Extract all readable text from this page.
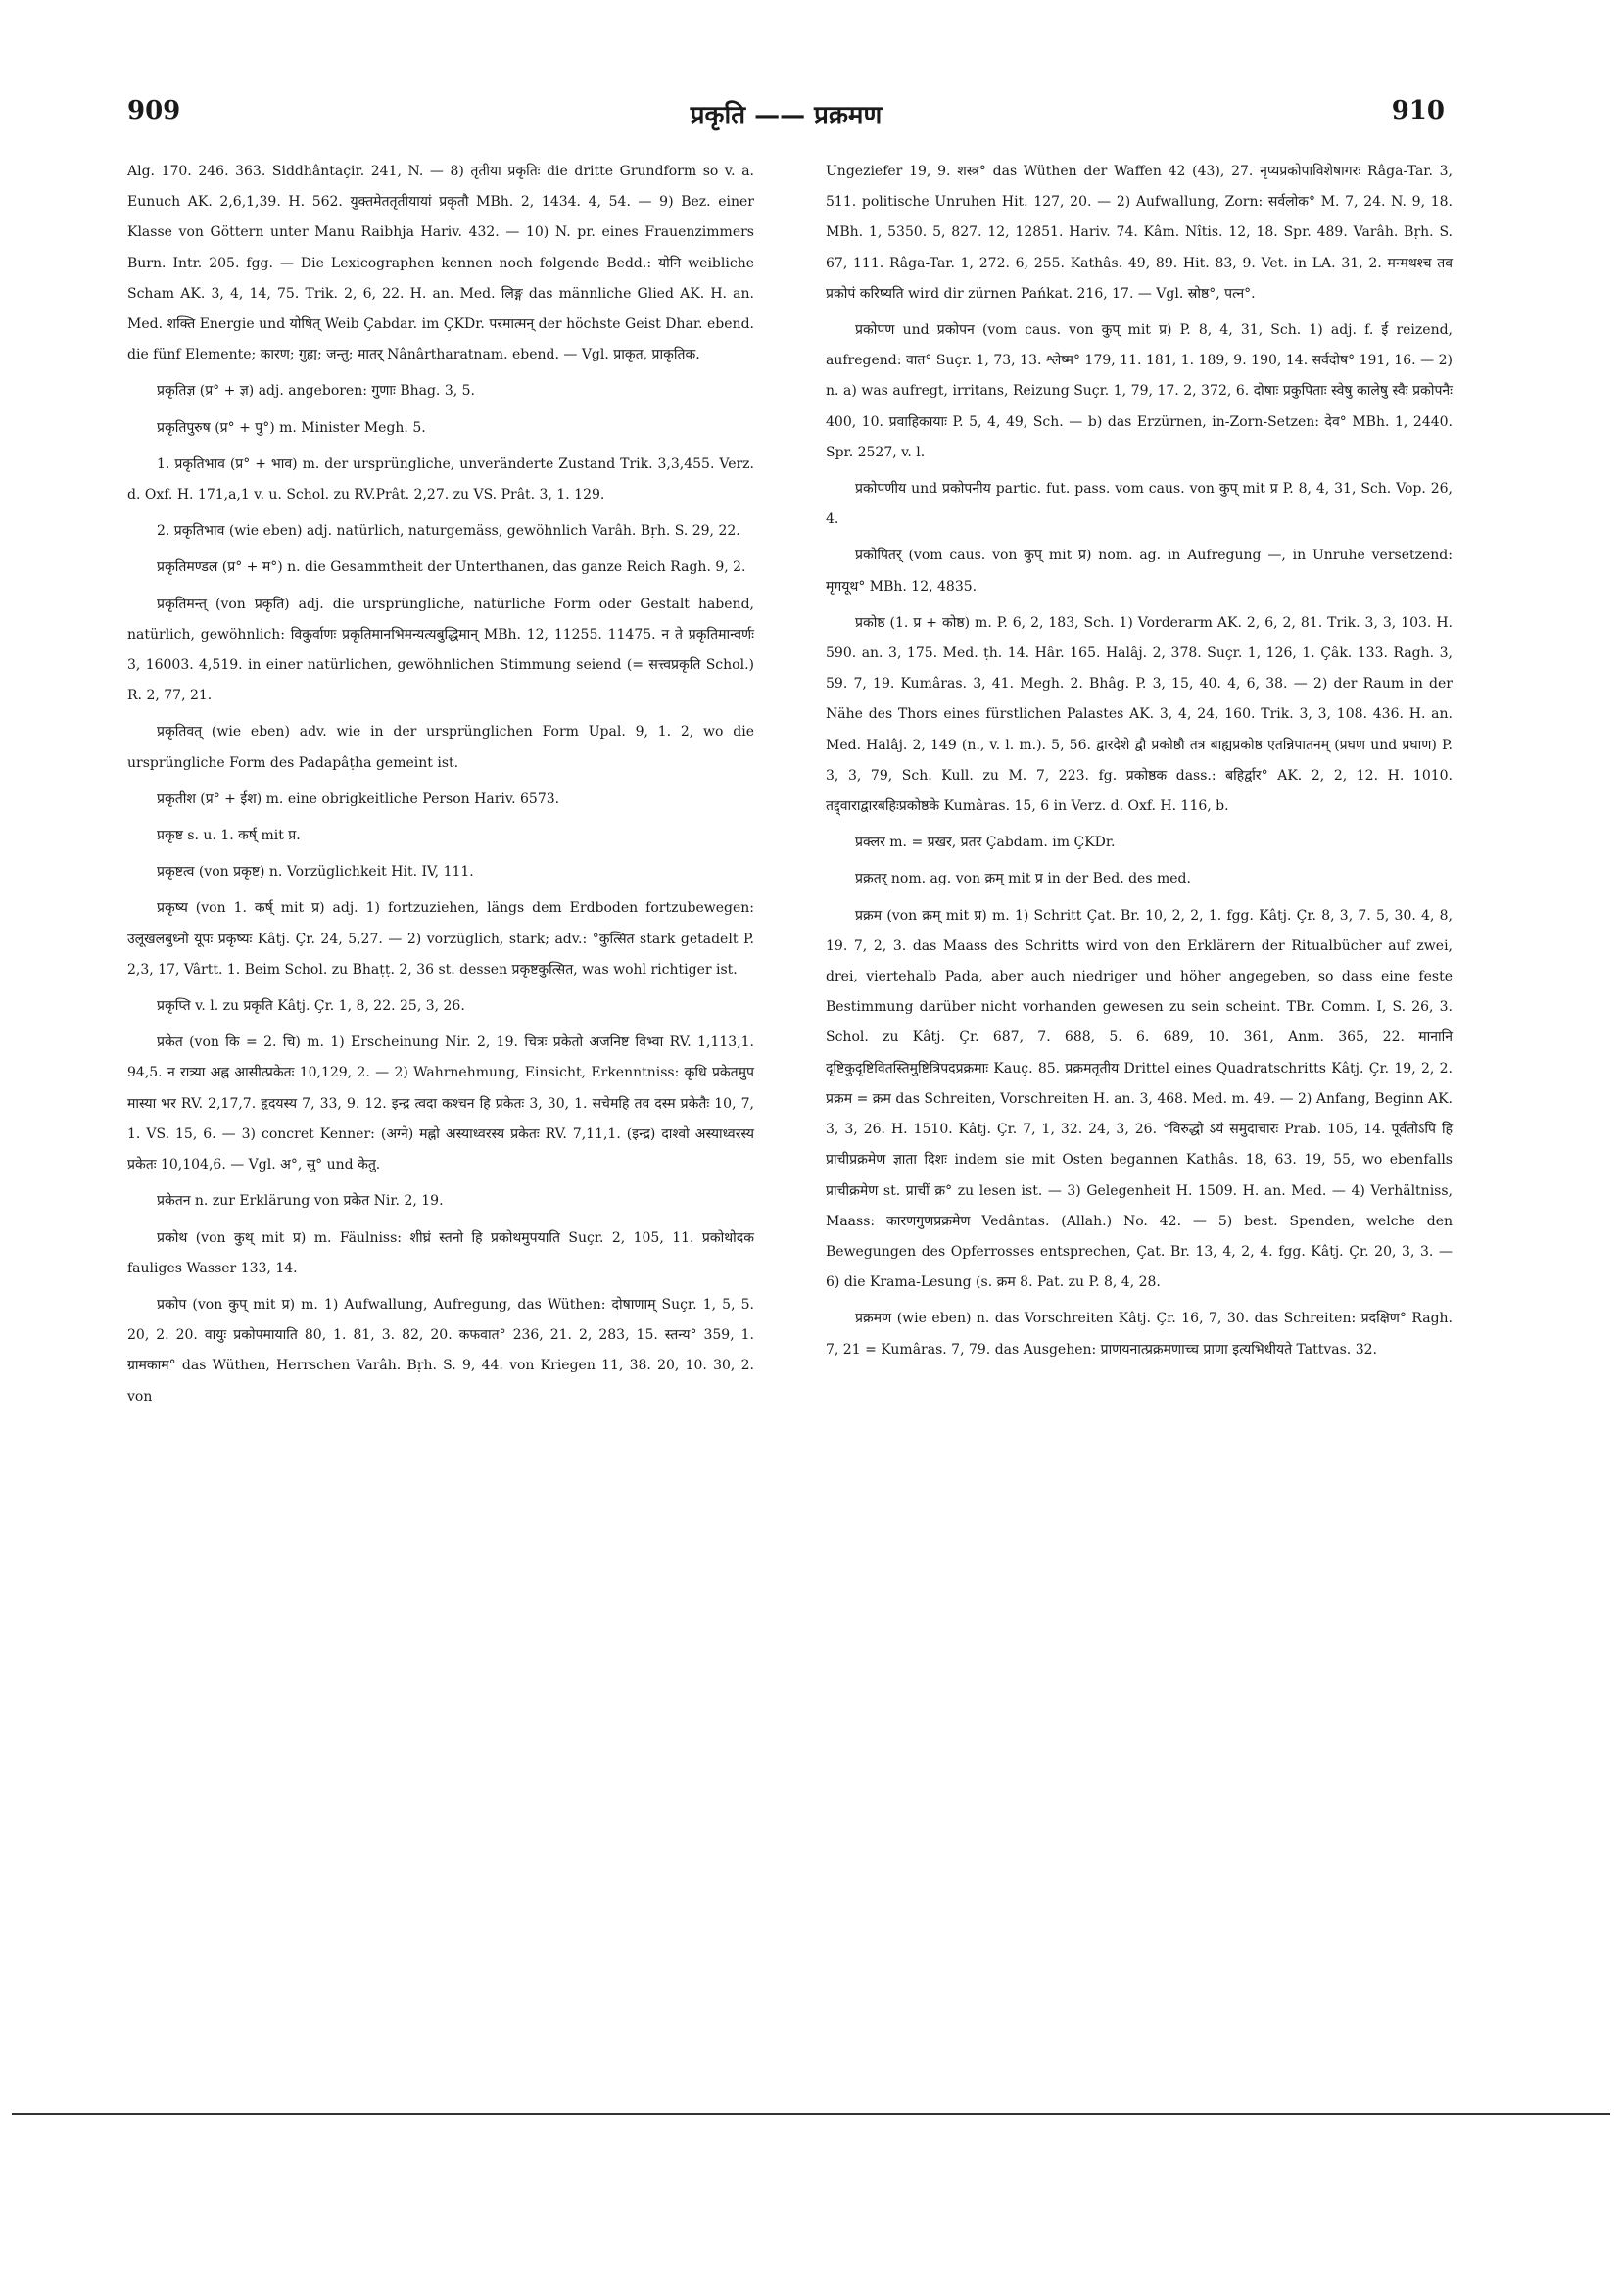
909	प्रकृति —— प्रक्रमण	910

Alg. 170. 246. 363. Siddhântaçir. 241, N. — 8) तृतीया प्रकृतिः die dritte Grundform so v. a. Eunuch AK. 2,6,1,39. H. 562. युक्तमेततृतीयायां प्रकृतौ MBh. 2, 1434. 4, 54. — 9) Bez. einer Klasse von Göttern unter Manu Raibhja Hariv. 432. — 10) N. pr. eines Frauenzimmers Burn. Intr. 205. fgg. — Die Lexicographen kennen noch folgende Bedd.: योनि weibliche Scham AK. 3, 4, 14, 75. Trik. 2, 6, 22. H. an. Med. लिङ्ग das männliche Glied AK. H. an. Med. शक्ति Energie und योषित् Weib Çabdar. im ÇKDr. परमात्मन् der höchste Geist Dhar. ebend. die fünf Elemente; कारण; गुह्य; जन्तु; मातर् Nânârtharatnam. ebend. — Vgl. प्राकृत, प्राकृतिक.

प्रकृतिज्ञ (प्र° + ज्ञ) adj. angeboren: गुणाः Bhag. 3, 5.

प्रकृतिपुरुष (प्र° + पु°) m. Minister Megh. 5.

1. प्रकृतिभाव (प्र° + भाव) m. der ursprüngliche, unveränderte Zustand Trik. 3,3,455. Verz. d. Oxf. H. 171,a,1 v. u. Schol. zu RV.Prât. 2,27. zu VS. Prât. 3, 1. 129.

2. प्रकृतिभाव (wie eben) adj. natürlich, naturgemäss, gewöhnlich Varâh. Bṛh. S. 29, 22.

प्रकृतिमण्डल (प्र° + म°) n. die Gesammtheit der Unterthanen, das ganze Reich Ragh. 9, 2.

प्रकृतिमन्त् (von प्रकृति) adj. die ursprüngliche, natürliche Form oder Gestalt habend, natürlich, gewöhnlich: विकुर्वाणः प्रकृतिमानभिमन्यत्यबुद्धिमान् MBh. 12, 11255. 11475. न ते प्रकृतिमान्वर्णः 3, 16003. 4,519. in einer natürlichen, gewöhnlichen Stimmung seiend (= सत्त्वप्रकृति Schol.) R. 2, 77, 21.

प्रकृतिवत् (wie eben) adv. wie in der ursprünglichen Form Upal. 9, 1. 2, wo die ursprüngliche Form des Padapâṭha gemeint ist.

प्रकृतीश (प्र° + ईश) m. eine obrigkeitliche Person Hariv. 6573.

प्रकृष्ट s. u. 1. कर्ष् mit प्र.

प्रकृष्टत्व (von प्रकृष्ट) n. Vorzüglichkeit Hit. IV, 111.

प्रकृष्य (von 1. कर्ष् mit प्र) adj. 1) fortzuziehen, längs dem Erdboden fortzubewegen: उलूखलबुध्नो यूपः प्रकृष्यः Kâtj. Çr. 24, 5,27. — 2) vorzüglich, stark; adv.: °कुत्सित stark getadelt P. 2,3, 17, Vârtt. 1. Beim Schol. zu Bhaṭṭ. 2, 36 st. dessen प्रकृष्टकुत्सित, was wohl richtiger ist.

प्रकृप्ति v. l. zu प्रकृति Kâtj. Çr. 1, 8, 22. 25, 3, 26.

प्रकेत (von कि = 2. चि) m. 1) Erscheinung Nir. 2, 19. चित्रः प्रकेतो अजनिष्ट विभ्वा RV. 1,113,1. 94,5. न रात्र्या अह्न आसीत्प्रकेतः 10,129, 2. — 2) Wahrnehmung, Einsicht, Erkenntniss: कृधि प्रकेतमुप मास्या भर RV. 2,17,7. हृदयस्य 7, 33, 9. 12. इन्द्र त्वदा कश्चन हि प्रकेतः 3, 30, 1. सचेमहि तव दस्म प्रकेतैः 10, 7, 1. VS. 15, 6. — 3) concret Kenner: (अग्ने) मह्नो अस्याध्वरस्य प्रकेतः RV. 7,11,1. (इन्द्र) दाश्वो अस्याध्वरस्य प्रकेतः 10,104,6. — Vgl. अ°, सु° und केतु.

प्रकेतन n. zur Erklärung von प्रकेत Nir. 2, 19.

प्रकोथ (von कुथ् mit प्र) m. Fäulniss: शीघ्रं स्तनो हि प्रकोथमुपयाति Suçr. 2, 105, 11. प्रकोथोदक fauliges Wasser 133, 14.

प्रकोप (von कुप् mit प्र) m. 1) Aufwallung, Aufregung, das Wüthen: दोषाणाम् Suçr. 1, 5, 5. 20, 2. 20. वायुः प्रकोपमायाति 80, 1. 81, 3. 82, 20. कफवात° 236, 21. 2, 283, 15. स्तन्य° 359, 1. ग्रामकाम° das Wüthen, Herrschen Varâh. Bṛh. S. 9, 44. von Kriegen 11, 38. 20, 10. 30, 2. von

Ungeziefer 19, 9. शस्त्र° das Wüthen der Waffen 42 (43), 27. नृप्यप्रकोपाविशेषागरः Râga-Tar. 3, 511. politische Unruhen Hit. 127, 20. — 2) Aufwallung, Zorn: सर्वलोक° M. 7, 24. N. 9, 18. MBh. 1, 5350. 5, 827. 12, 12851. Hariv. 74. Kâm. Nîtis. 12, 18. Spr. 489. Varâh. Bṛh. S. 67, 111. Râga-Tar. 1, 272. 6, 255. Kathâs. 49, 89. Hit. 83, 9. Vet. in LA. 31, 2. मन्मथश्च तव प्रकोपं करिष्यति wird dir zürnen Pańkat. 216, 17. — Vgl. स्रोष्ठ°, पत्न°.

प्रकोपण und प्रकोपन (vom caus. von कुप् mit प्र) P. 8, 4, 31, Sch. 1) adj. f. ई reizend, aufregend: वात° Suçr. 1, 73, 13. श्लेष्म° 179, 11. 181, 1. 189, 9. 190, 14. सर्वदोष° 191, 16. — 2) n. a) was aufregt, irritans, Reizung Suçr. 1, 79, 17. 2, 372, 6. दोषाः प्रकुपिताः स्वेषु कालेषु स्वैः प्रकोपनैः 400, 10. प्रवाहिकायाः P. 5, 4, 49, Sch. — b) das Erzürnen, in-Zorn-Setzen: देव° MBh. 1, 2440. Spr. 2527, v. l.

प्रकोपणीय und प्रकोपनीय partic. fut. pass. vom caus. von कुप् mit प्र P. 8, 4, 31, Sch. Vop. 26, 4.

प्रकोपितर् (vom caus. von कुप् mit प्र) nom. ag. in Aufregung —, in Unruhe versetzend: मृगयूथ° MBh. 12, 4835.

प्रकोष्ठ (1. प्र + कोष्ठ) m. P. 6, 2, 183, Sch. 1) Vorderarm AK. 2, 6, 2, 81. Trik. 3, 3, 103. H. 590. an. 3, 175. Med. ṭh. 14. Hâr. 165. Halâj. 2, 378. Suçr. 1, 126, 1. Çâk. 133. Ragh. 3, 59. 7, 19. Kumâras. 3, 41. Megh. 2. Bhâg. P. 3, 15, 40. 4, 6, 38. — 2) der Raum in der Nähe des Thors eines fürstlichen Palastes AK. 3, 4, 24, 160. Trik. 3, 3, 108. 436. H. an. Med. Halâj. 2, 149 (n., v. l. m.). 5, 56. द्वारदेशे द्वौ प्रकोष्ठौ तत्र बाह्यप्रकोष्ठ एतन्निपातनम् (प्रघण und प्रघाण) P. 3, 3, 79, Sch. Kull. zu M. 7, 223. fg. प्रकोष्ठक dass.: बहिर्द्वार° AK. 2, 2, 12. H. 1010. तद्द्वाराद्वारबहिःप्रकोष्ठके Kumâras. 15, 6 in Verz. d. Oxf. H. 116, b.

प्रक्लर m. = प्रखर, प्रतर Çabdam. im ÇKDr.

प्रक्रतर् nom. ag. von क्रम् mit प्र in der Bed. des med.

प्रक्रम (von क्रम् mit प्र) m. 1) Schritt Çat. Br. 10, 2, 2, 1. fgg. Kâtj. Çr. 8, 3, 7. 5, 30. 4, 8, 19. 7, 2, 3. das Maass des Schritts wird von den Erklärern der Ritualbücher auf zwei, drei, viertehalb Pada, aber auch niedriger und höher angegeben, so dass eine feste Bestimmung darüber nicht vorhanden gewesen zu sein scheint. TBr. Comm. I, S. 26, 3. Schol. zu Kâtj. Çr. 687, 7. 688, 5. 6. 689, 10. 361, Anm. 365, 22. मानानि दृष्टिकुदृष्टिवितस्तिमुष्टित्रिपदप्रक्रमाः Kauç. 85. प्रक्रमतृतीय Drittel eines Quadratschritts Kâtj. Çr. 19, 2, 2. प्रक्रम = क्रम das Schreiten, Vorschreiten H. an. 3, 468. Med. m. 49. — 2) Anfang, Beginn AK. 3, 3, 26. H. 1510. Kâtj. Çr. 7, 1, 32. 24, 3, 26. °विरुद्धो ऽयं समुदाचारः Prab. 105, 14. पूर्वतोऽपि हि प्राचीप्रक्रमेण ज्ञाता दिशः indem sie mit Osten begannen Kathâs. 18, 63. 19, 55, wo ebenfalls प्राचीक्रमेण st. प्राचीं क्र° zu lesen ist. — 3) Gelegenheit H. 1509. H. an. Med. — 4) Verhältniss, Maass: कारणगुणप्रक्रमेण Vedântas. (Allah.) No. 42. — 5) best. Spenden, welche den Bewegungen des Opferrosses entsprechen, Çat. Br. 13, 4, 2, 4. fgg. Kâtj. Çr. 20, 3, 3. — 6) die Krama-Lesung (s. क्रम 8. Pat. zu P. 8, 4, 28.

प्रक्रमण (wie eben) n. das Vorschreiten Kâtj. Çr. 16, 7, 30. das Schreiten: प्रदक्षिण° Ragh. 7, 21 = Kumâras. 7, 79. das Ausgehen: प्राणयनात्प्रक्रमणाच्च प्राणा इत्यभिधीयते Tattvas. 32.
